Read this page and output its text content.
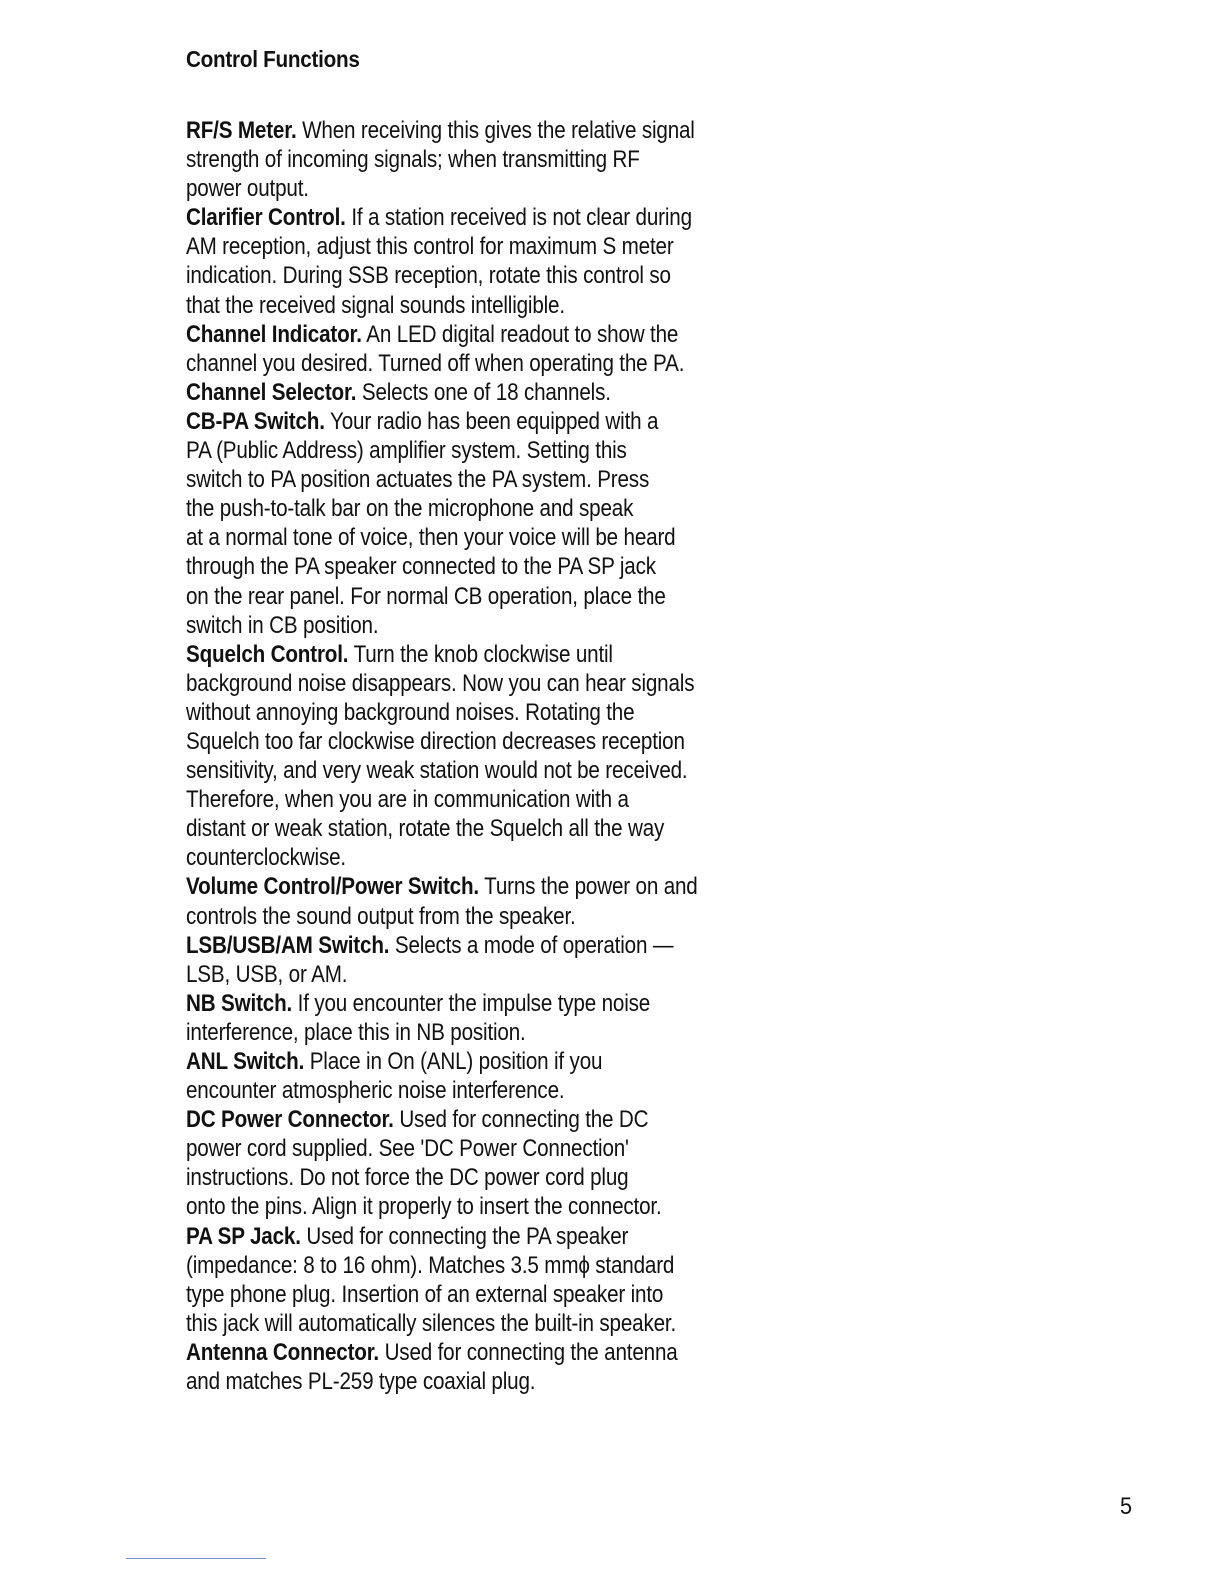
Control Functions
RF/S Meter. When receiving this gives the relative signal
strength of incoming signals; when transmitting RF
power output.
Clarifier Control. If a station received is not clear during
AM reception, adjust this control for maximum S meter
indication. During SSB reception, rotate this control so
that the received signal sounds intelligible.
Channel Indicator. An LED digital readout to show the
channel you desired. Turned off when operating the PA.
Channel Selector. Selects one of 18 channels.
CB-PA Switch. Your radio has been equipped with a
PA (Public Address) amplifier system. Setting this
switch to PA position actuates the PA system. Press
the push-to-talk bar on the microphone and speak
at a normal tone of voice, then your voice will be heard
through the PA speaker connected to the PA SP jack
on the rear panel. For normal CB operation, place the
switch in CB position.
Squelch Control. Turn the knob clockwise until
background noise disappears. Now you can hear signals
without annoying background noises. Rotating the
Squelch too far clockwise direction decreases reception
sensitivity, and very weak station would not be received.
Therefore, when you are in communication with a
distant or weak station, rotate the Squelch all the way
counterclockwise.
Volume Control/Power Switch. Turns the power on and
controls the sound output from the speaker.
LSB/USB/AM Switch. Selects a mode of operation —
LSB, USB, or AM.
NB Switch. If you encounter the impulse type noise
interference, place this in NB position.
ANL Switch. Place in On (ANL) position if you
encounter atmospheric noise interference.
DC Power Connector. Used for connecting the DC
power cord supplied. See 'DC Power Connection'
instructions. Do not force the DC power cord plug
onto the pins. Align it properly to insert the connector.
PA SP Jack. Used for connecting the PA speaker
(impedance: 8 to 16 ohm). Matches 3.5 mmϕ standard
type phone plug. Insertion of an external speaker into
this jack will automatically silences the built-in speaker.
Antenna Connector. Used for connecting the antenna
and matches PL-259 type coaxial plug.
5
